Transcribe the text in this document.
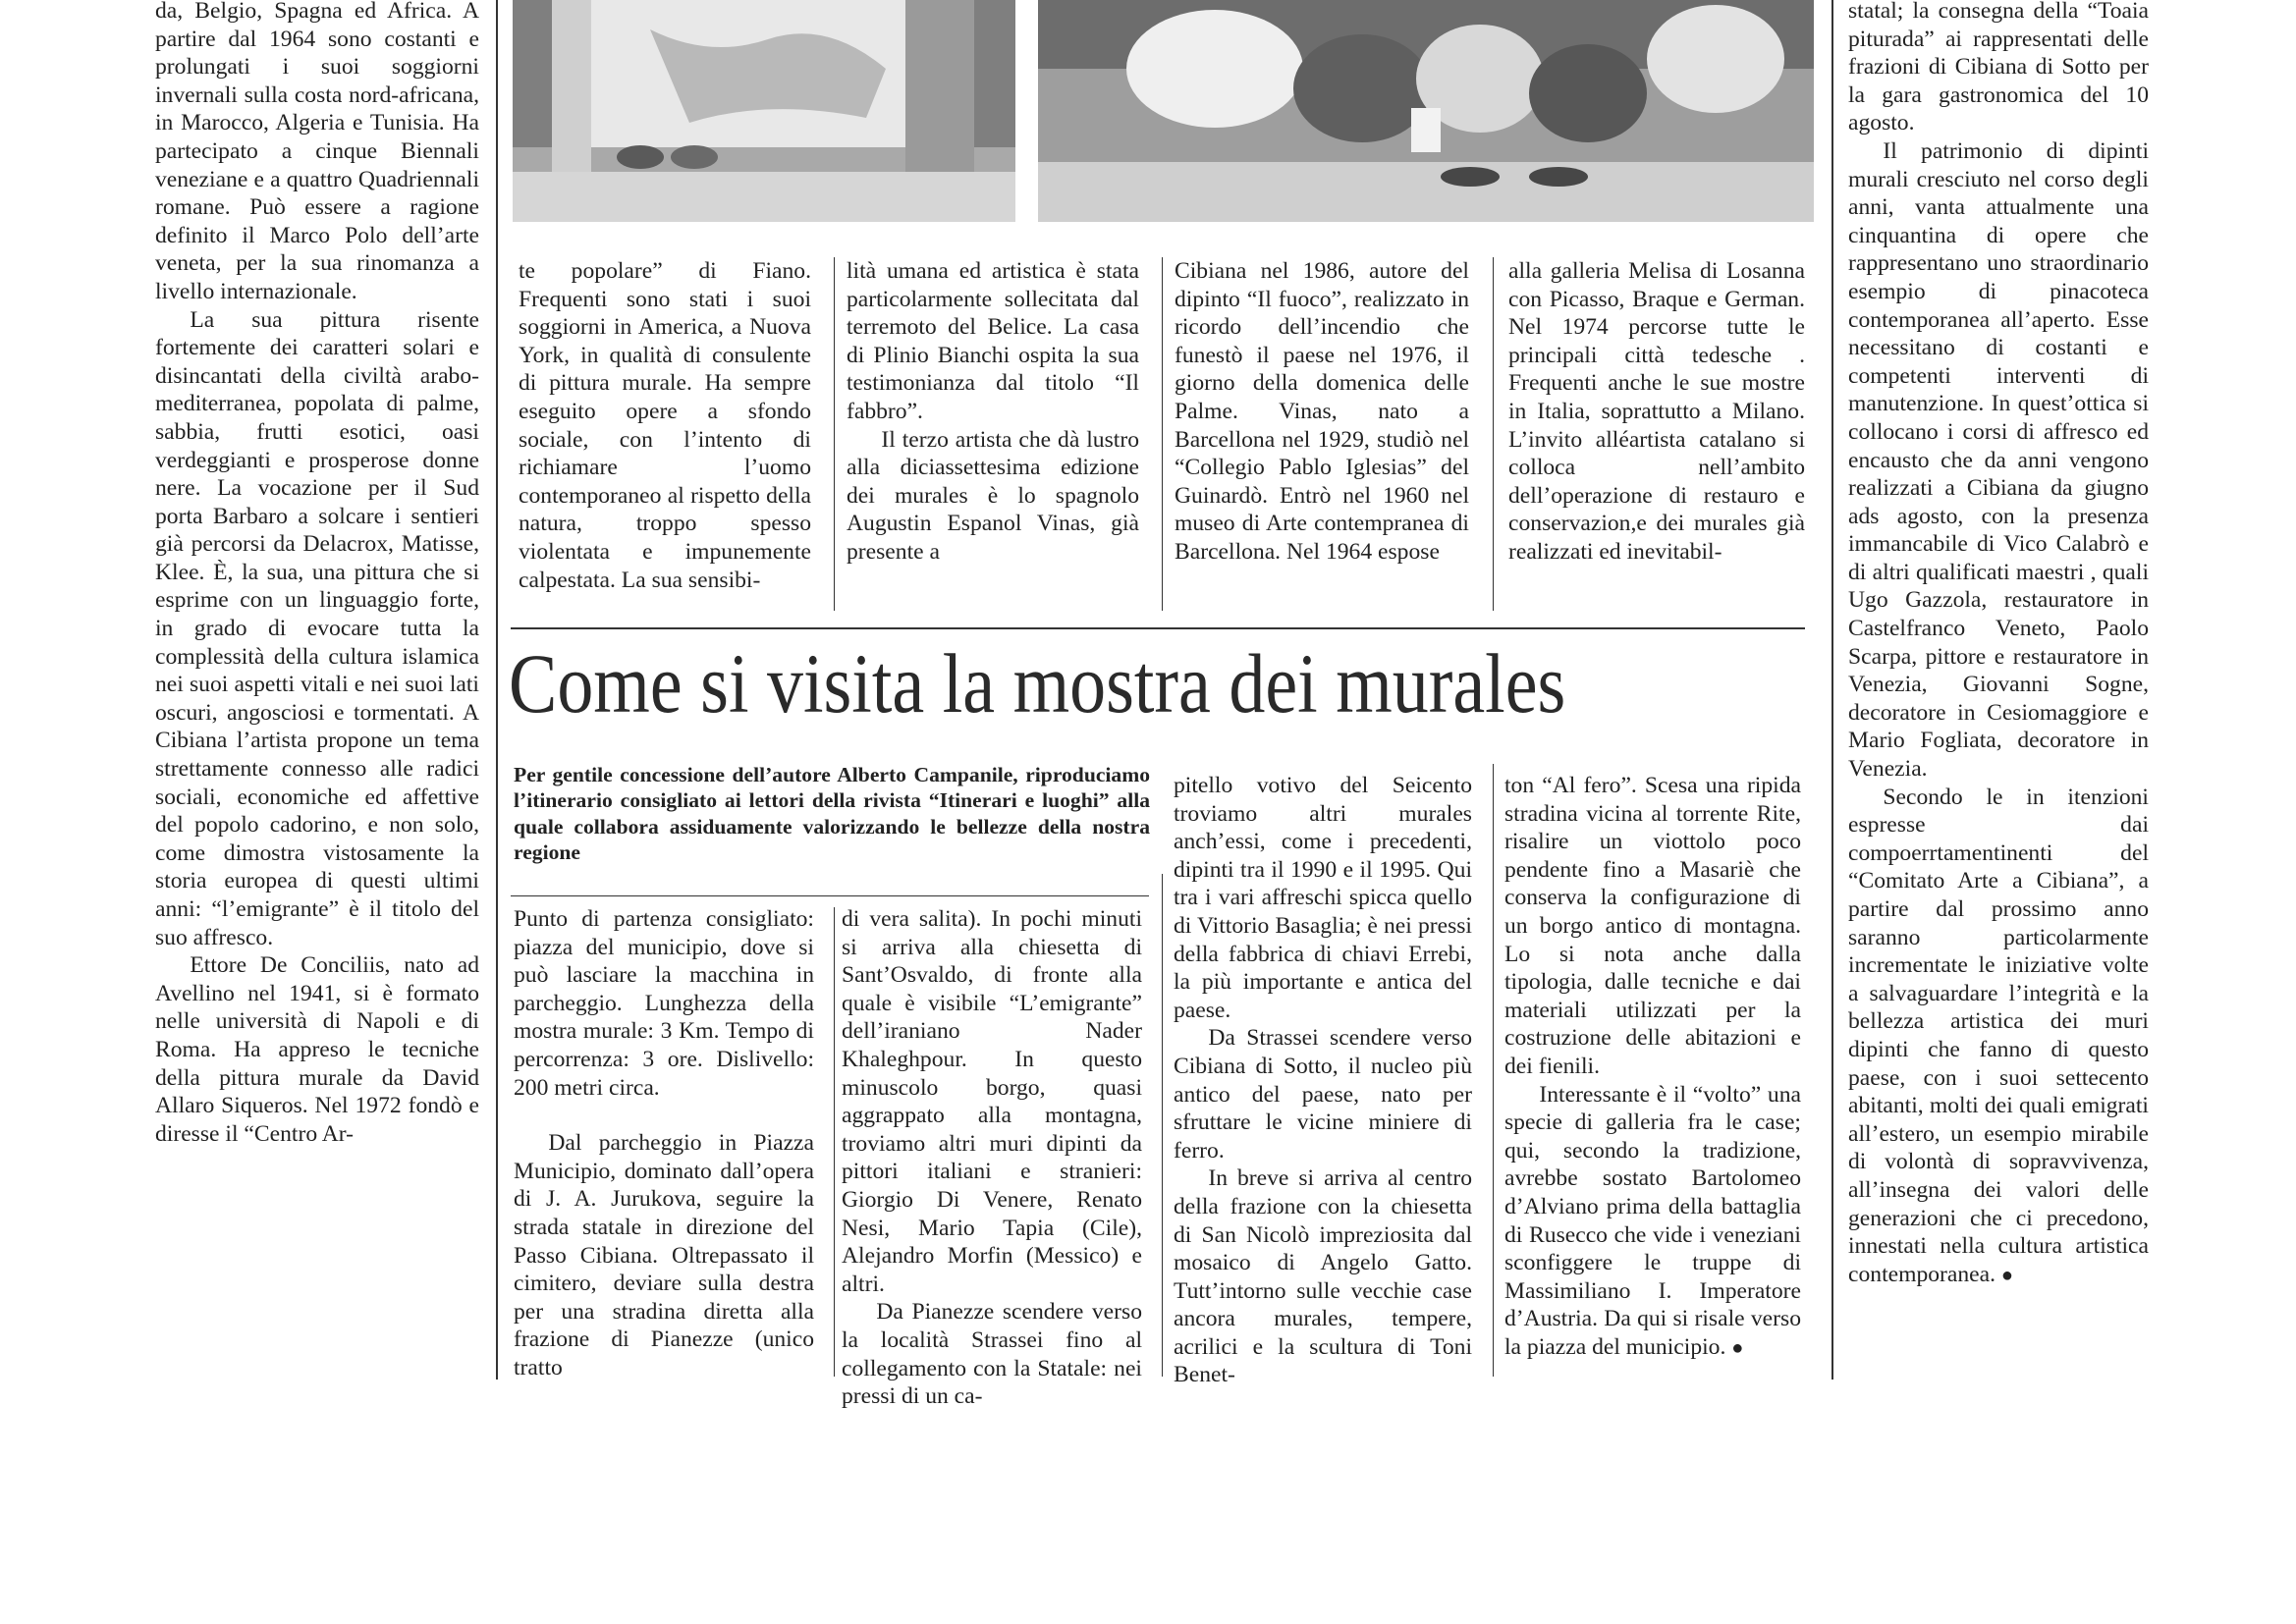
Come si visita la mostra dei murales
Per gentile concessione dell’autore Alberto Campanile, riproduciamo l’itinerario consigliato ai lettori della rivista “Itinerari e luoghi” alla quale collabora assiduamente valorizzando le bellezze della nostra regione

da, Belgio, Spagna ed Africa. A partire dal 1964 sono costanti e prolungati i suoi soggiorni invernali sulla costa nord-africana, in Marocco, Algeria e Tunisia. Ha partecipato a cinque Biennali veneziane e a quattro Quadriennali romane. Può essere a ragione definito il Marco Polo dell’arte veneta, per la sua rinomanza a livello internazionale.

La sua pittura risente fortemente dei caratteri solari e disincantati della civiltà arabo-mediterranea, popolata di palme, sabbia, frutti esotici, oasi verdeggianti e prosperose donne nere. La vocazione per il Sud porta Barbaro a solcare i sentieri già percorsi da Delacrox, Matisse, Klee. È, la sua, una pittura che si esprime con un linguaggio forte, in grado di evocare tutta la complessità della cultura islamica nei suoi aspetti vitali e nei suoi lati oscuri, angosciosi e tormentati. A Cibiana l’artista propone un tema strettamente connesso alle radici sociali, economiche ed affettive del popolo cadorino, e non solo, come dimostra vistosamente la storia europea di questi ultimi anni: “l’emigrante” è il titolo del suo affresco.

Ettore De Conciliis, nato ad Avellino nel 1941, si è formato nelle università di Napoli e di Roma. Ha appreso le tecniche della pittura murale da David Allaro Siqueros. Nel 1972 fondò e diresse il “Centro Ar-

te popolare” di Fiano. Frequenti sono stati i suoi soggiorni in America, a Nuova York, in qualità di consulente di pittura murale. Ha sempre eseguito opere a sfondo sociale, con l’intento di richiamare l’uomo contemporaneo al rispetto della natura, troppo spesso violentata e impunemente calpestata. La sua sensibi-

lità umana ed artistica è stata particolarmente sollecitata dal terremoto del Belice. La casa di Plinio Bianchi ospita la sua testimonianza dal titolo “Il fabbro”.

Il terzo artista che dà lustro alla diciassettesima edizione dei murales è lo spagnolo Augustin Espanol Vinas, già presente a

Cibiana nel 1986, autore del dipinto “Il fuoco”, realizzato in ricordo dell’incendio che funestò il paese nel 1976, il giorno della domenica delle Palme. Vinas, nato a Barcellona nel 1929, studiò nel “Collegio Pablo Iglesias” del Guinardò. Entrò nel 1960 nel museo di Arte contempranea di Barcellona. Nel 1964 espose

alla galleria Melisa di Losanna con Picasso, Braque e German. Nel 1974 percorse tutte le principali città tedesche . Frequenti anche le sue mostre in Italia, soprattutto a Milano. L’invito alléartista catalano si colloca nell’ambito dell’operazione di restauro e conservazion,e dei murales già realizzati ed inevitabil-

statal; la consegna della “Toaia piturada” ai rappresentati delle frazioni di Cibiana di Sotto per la gara gastronomica del 10 agosto.

Il patrimonio di dipinti murali cresciuto nel corso degli anni, vanta attualmente una cinquantina di opere che rappresentano uno straordinario esempio di pinacoteca contemporanea all’aperto. Esse necessitano di costanti e competenti interventi di manutenzione. In quest’ottica si collocano i corsi di affresco ed encausto che da anni vengono realizzati a Cibiana da giugno ads agosto, con la presenza immancabile di Vico Calabrò e di altri qualificati maestri , quali Ugo Gazzola, restauratore in Castelfranco Veneto, Paolo Scarpa, pittore e restauratore in Venezia, Giovanni Sogne, decoratore in Cesiomaggiore e Mario Fogliata, decoratore in Venezia.

Secondo le in itenzioni espresse dai compoerrtamentinenti del “Comitato Arte a Cibiana”, a partire dal prossimo anno saranno particolarmente incrementate le iniziative volte a salvaguardare l’integrità e la bellezza artistica dei muri dipinti che fanno di questo paese, con i suoi settecento abitanti, molti dei quali emigrati all’estero, un esempio mirabile di volontà di sopravvivenza, all’insegna dei valori delle generazioni che ci precedono, innestati nella cultura artistica contemporanea. ●

Punto di partenza consigliato: piazza del municipio, dove si può lasciare la macchina in parcheggio. Lunghezza della mostra murale: 3 Km. Tempo di percorrenza: 3 ore. Dislivello: 200 metri circa.

Dal parcheggio in Piazza Municipio, dominato dall’opera di J. A. Jurukova, seguire la strada statale in direzione del Passo Cibiana. Oltrepassato il cimitero, deviare sulla destra per una stradina diretta alla frazione di Pianezze (unico tratto

di vera salita). In pochi minuti si arriva alla chiesetta di Sant’Osvaldo, di fronte alla quale è visibile “L’emigrante” dell’iraniano Nader Khaleghpour. In questo minuscolo borgo, quasi aggrappato alla montagna, troviamo altri muri dipinti da pittori italiani e stranieri: Giorgio Di Venere, Renato Nesi, Mario Tapia (Cile), Alejandro Morfin (Messico) e altri.

Da Pianezze scendere verso la località Strassei fino al collegamento con la Statale: nei pressi di un ca-

pitello votivo del Seicento troviamo altri murales anch’essi, come i precedenti, dipinti tra il 1990 e il 1995. Qui tra i vari affreschi spicca quello di Vittorio Basaglia; è nei pressi della fabbrica di chiavi Errebi, la più importante e antica del paese.

Da Strassei scendere verso Cibiana di Sotto, il nucleo più antico del paese, nato per sfruttare le vicine miniere di ferro.

In breve si arriva al centro della frazione con la chiesetta di San Nicolò impreziosita dal mosaico di Angelo Gatto. Tutt’intorno sulle vecchie case ancora murales, tempere, acrilici e la scultura di Toni Benet-

ton “Al fero”. Scesa una ripida stradina vicina al torrente Rite, risalire un viottolo poco pendente fino a Masariè che conserva la configurazione di un borgo antico di montagna. Lo si nota anche dalla tipologia, dalle tecniche e dai materiali utilizzati per la costruzione delle abitazioni e dei fienili.

Interessante è il “volto” una specie di galleria fra le case; qui, secondo la tradizione, avrebbe sostato Bartolomeo d’Alviano prima della battaglia di Rusecco che vide i veneziani sconfiggere le truppe di Massimiliano I. Imperatore d’Austria. Da qui si risale verso la piazza del municipio. ●
